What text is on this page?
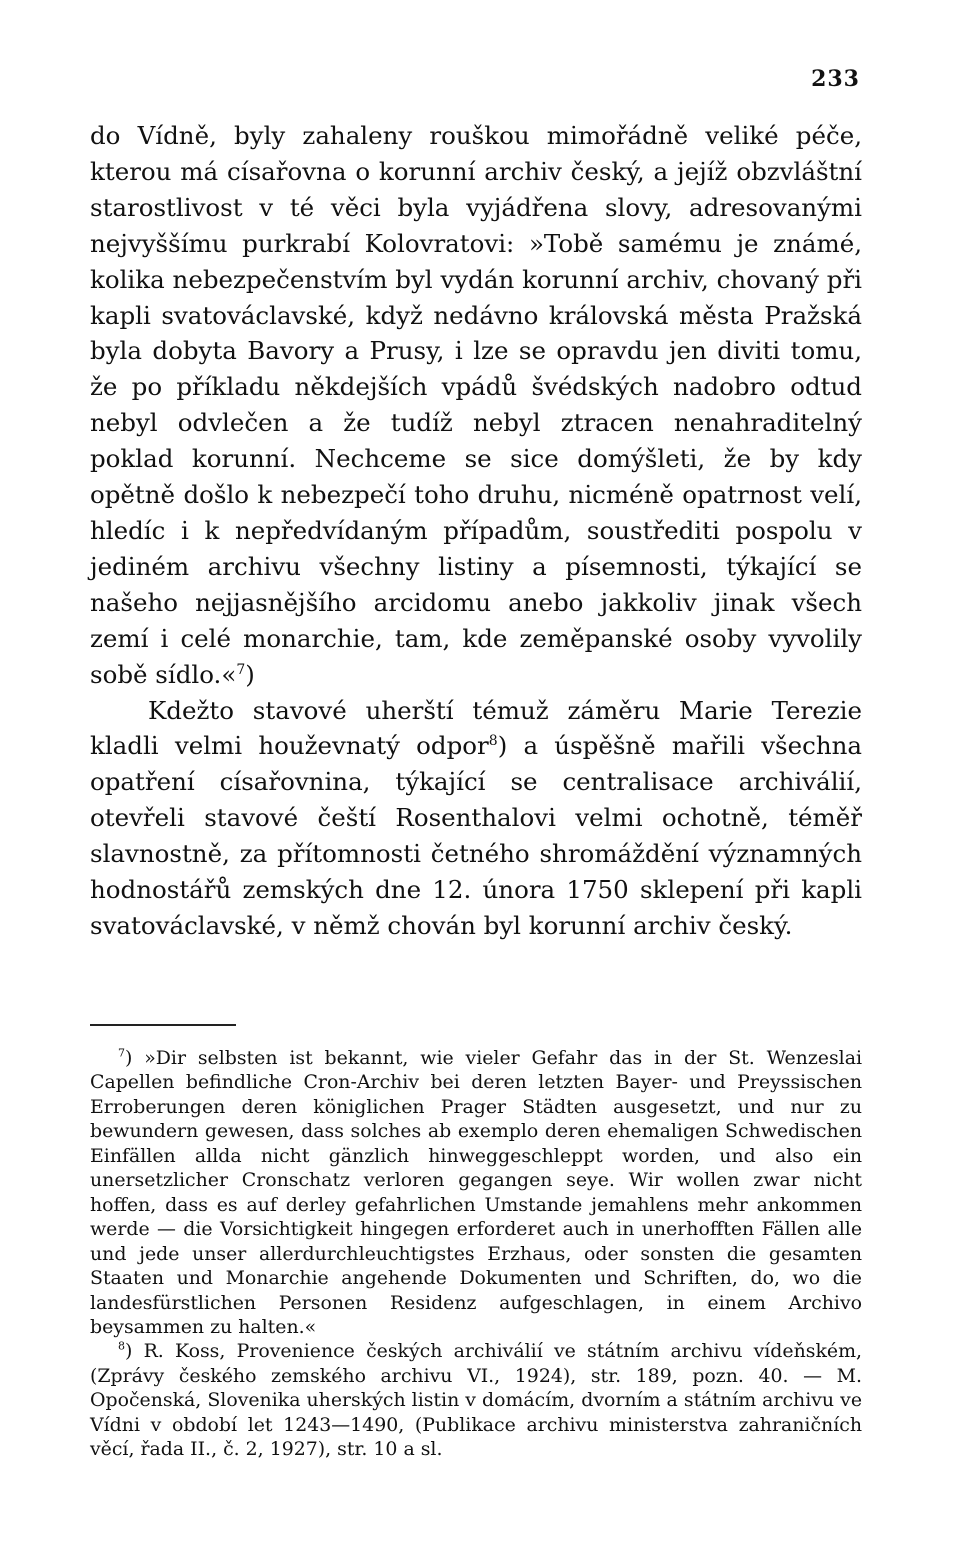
233

do Vídně, byly zahaleny rouškou mimořádně veliké péče, kterou má císařovna o korunní archiv český, a jejíž obzvláštní starostlivost v té věci byla vyjádřena slovy, adresovanými nejvyššímu purkrabí Kolovratovi: »Tobě samému je známé, kolika nebezpečenstvím byl vydán korunní archiv, chovaný při kapli svatováclavské, když nedávno královská města Pražská byla dobyta Bavory a Prusy, i lze se opravdu jen diviti tomu, že po příkladu někdejších vpádů švédských nadobro odtud nebyl odvlečen a že tudíž nebyl ztracen nenahraditelný poklad korunní. Nechceme se sice domýšleti, že by kdy opětně došlo k nebezpečí toho druhu, nicméně opatrnost velí, hledíc i k nepředvídaným případům, soustřediti pospolu v jediném archivu všechny listiny a písemnosti, týkající se našeho nejjasnějšího arcidomu anebo jakkoliv jinak všech zemí i celé monarchie, tam, kde zeměpanské osoby vyvolily sobě sídlo.«$^7$)

Kdežto stavové uherští témuž záměru Marie Terezie kladli velmi houževnatý odpor$^8$) a úspěšně mařili všechna opatření císařovnina, týkající se centralisace archiválií, otevřeli stavové čeští Rosenthalovi velmi ochotně, téměř slavnostně, za přítomnosti četného shromáždění významných hodnostářů zemských dne 12. února 1750 sklepení při kapli svatováclavské, v němž chován byl korunní archiv český.

$^7$) »Dir selbsten ist bekannt, wie vieler Gefahr das in der St. Wenzeslai Capellen befindliche Cron-Archiv bei deren letzten Bayer- und Preyssischen Erroberungen deren königlichen Prager Städten ausgesetzt, und nur zu bewundern gewesen, dass solches ab exemplo deren ehemaligen Schwedischen Einfällen allda nicht gänzlich hinweggeschleppt worden, und also ein unersetzlicher Cronschatz verloren gegangen seye. Wir wollen zwar nicht hoffen, dass es auf derley gefahrlichen Umstande jemahlens mehr ankommen werde — die Vorsichtigkeit hingegen erforderet auch in unerhofften Fällen alle und jede unser allerdurchleuchtigstes Erzhaus, oder sonsten die gesamten Staaten und Monarchie angehende Dokumenten und Schriften, do, wo die landesfürstlichen Personen Residenz aufgeschlagen, in einem Archivo beysammen zu halten.«

$^8$) R. Koss, Provenience českých archiválií ve státním archivu vídeňském, (Zprávy českého zemského archivu VI., 1924), str. 189, pozn. 40. — M. Opočenská, Slovenika uherských listin v domácím, dvorním a státním archivu ve Vídni v období let 1243—1490, (Publikace archivu ministerstva zahraničních věcí, řada II., č. 2, 1927), str. 10 a sl.
